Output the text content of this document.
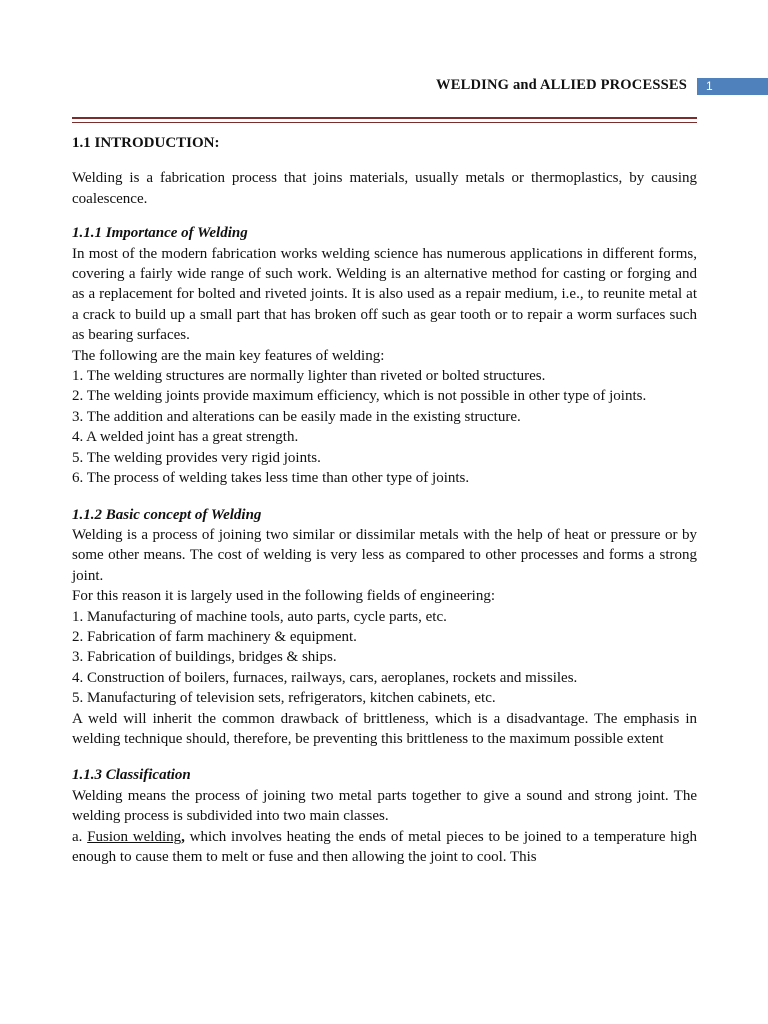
WELDING and ALLIED PROCESSES 1

1.1 INTRODUCTION:

Welding is a fabrication process that joins materials, usually metals or thermoplastics, by causing coalescence.

1.1.1 Importance of Welding

In most of the modern fabrication works welding science has numerous applications in different forms, covering a fairly wide range of such work. Welding is an alternative method for casting or forging and as a replacement for bolted and riveted joints. It is also used as a repair medium, i.e., to reunite metal at a crack to build up a small part that has broken off such as gear tooth or to repair a worm surfaces such as bearing surfaces.

The following are the main key features of welding:

1. The welding structures are normally lighter than riveted or bolted structures.

2. The welding joints provide maximum efficiency, which is not possible in other type of joints.

3. The addition and alterations can be easily made in the existing structure.

4. A welded joint has a great strength.

5. The welding provides very rigid joints.

6. The process of welding takes less time than other type of joints.

1.1.2 Basic concept of Welding

Welding is a process of joining two similar or dissimilar metals with the help of heat or pressure or by some other means. The cost of welding is very less as compared to other processes and forms a strong joint.

For this reason it is largely used in the following fields of engineering:

1. Manufacturing of machine tools, auto parts, cycle parts, etc.

2. Fabrication of farm machinery & equipment.

3. Fabrication of buildings, bridges & ships.

4. Construction of boilers, furnaces, railways, cars, aeroplanes, rockets and missiles.

5. Manufacturing of television sets, refrigerators, kitchen cabinets, etc.

A weld will inherit the common drawback of brittleness, which is a disadvantage. The emphasis in welding technique should, therefore, be preventing this brittleness to the maximum possible extent

1.1.3 Classification

Welding means the process of joining two metal parts together to give a sound and strong joint. The welding process is subdivided into two main classes.

a. Fusion welding, which involves heating the ends of metal pieces to be joined to a temperature high enough to cause them to melt or fuse and then allowing the joint to cool. This
